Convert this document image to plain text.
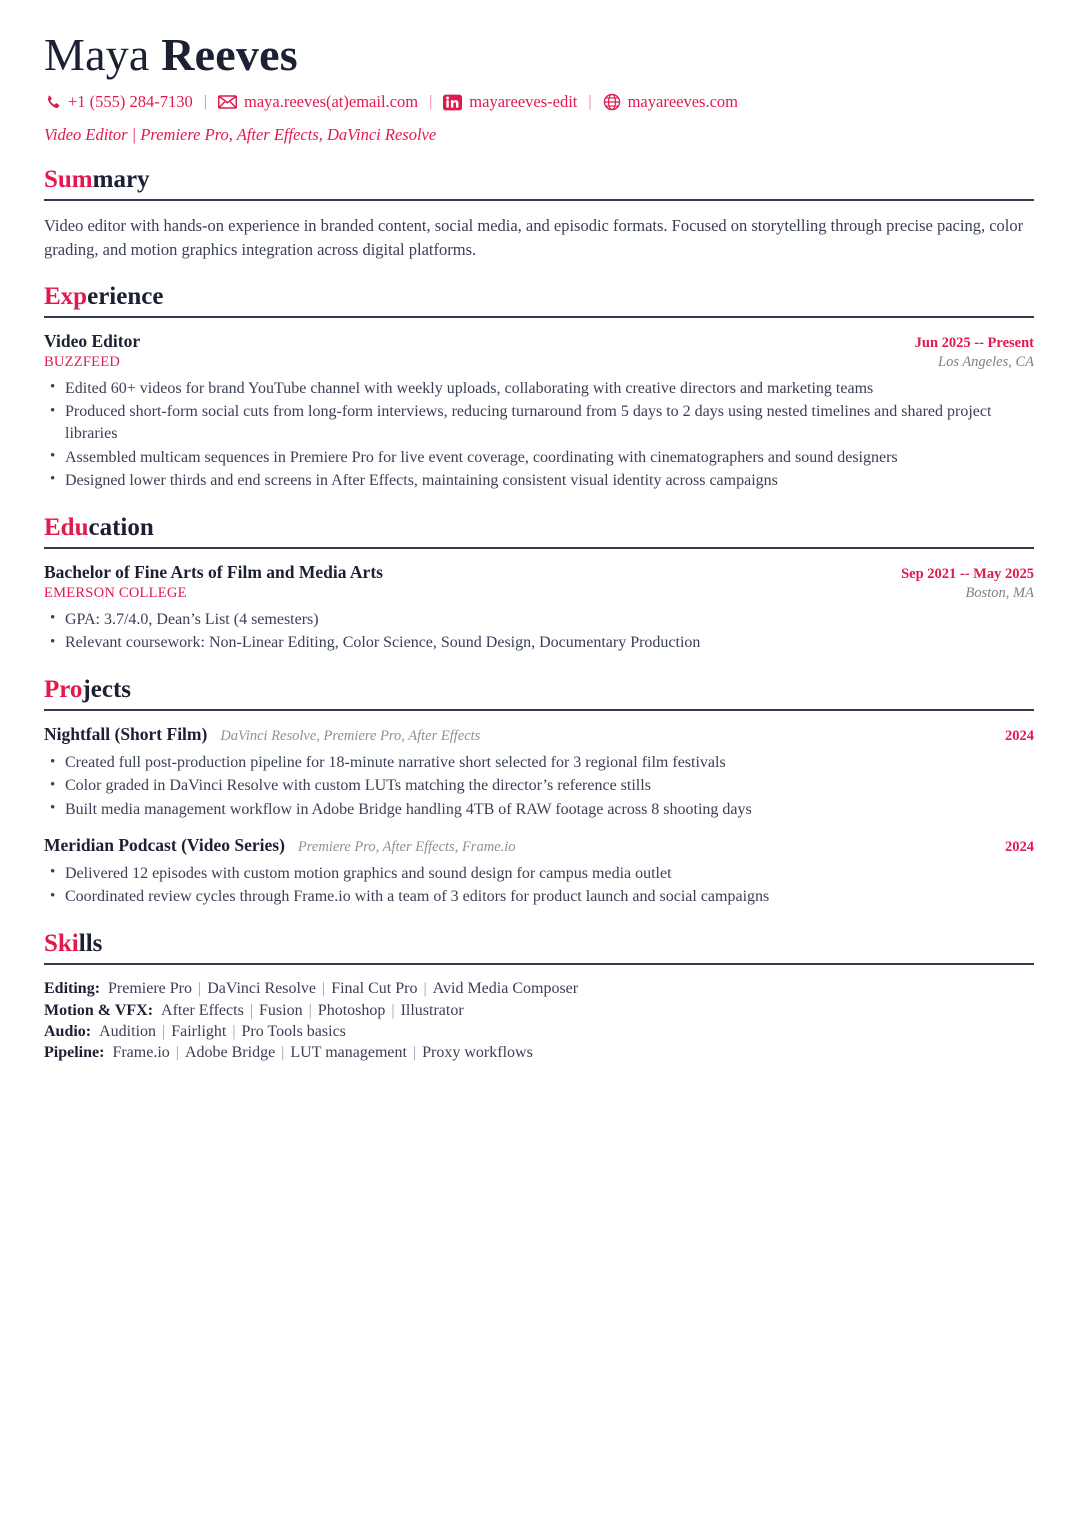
Maya Reeves
+1 (555) 284-7130 |	maya.reeves(at)email.com |	mayareeves-edit |	mayareeves.com
Video Editor | Premiere Pro, After Effects, DaVinci Resolve
Summary

Video editor with hands-on experience in branded content, social media, and episodic formats. Focused on storytelling through precise pacing, color grading, and motion graphics integration across digital platforms.

Experience
Video Editor	Jun 2025 -- Present
BUZZFEED	Los Angeles, CA
• Edited 60+ videos for brand YouTube channel with weekly uploads, collaborating with creative directors and marketing teams
• Produced short-form social cuts from long-form interviews, reducing turnaround from 5 days to 2 days using nested timelines and shared project libraries
• Assembled multicam sequences in Premiere Pro for live event coverage, coordinating with cinematographers and sound designers
• Designed lower thirds and end screens in After Effects, maintaining consistent visual identity across campaigns
Education
Bachelor of Fine Arts of Film and Media Arts	Sep 2021 -- May 2025
EMERSON COLLEGE	Boston, MA
• GPA: 3.7/4.0, Dean’s List (4 semesters)
• Relevant coursework: Non-Linear Editing, Color Science, Sound Design, Documentary Production
Projects
Nightfall (Short Film) DaVinci Resolve, Premiere Pro, After Effects	2024
• Created full post-production pipeline for 18-minute narrative short selected for 3 regional film festivals
• Color graded in DaVinci Resolve with custom LUTs matching the director’s reference stills
• Built media management workflow in Adobe Bridge handling 4TB of RAW footage across 8 shooting days
Meridian Podcast (Video Series) Premiere Pro, After Effects, Frame.io	2024
• Delivered 12 episodes with custom motion graphics and sound design for campus media outlet
• Coordinated review cycles through Frame.io with a team of 3 editors for product launch and social campaigns
Skills
Editing: Premiere Pro | DaVinci Resolve | Final Cut Pro | Avid Media Composer
Motion & VFX: After Effects | Fusion | Photoshop | Illustrator
Audio: Audition | Fairlight | Pro Tools basics
Pipeline: Frame.io | Adobe Bridge | LUT management | Proxy workflows
